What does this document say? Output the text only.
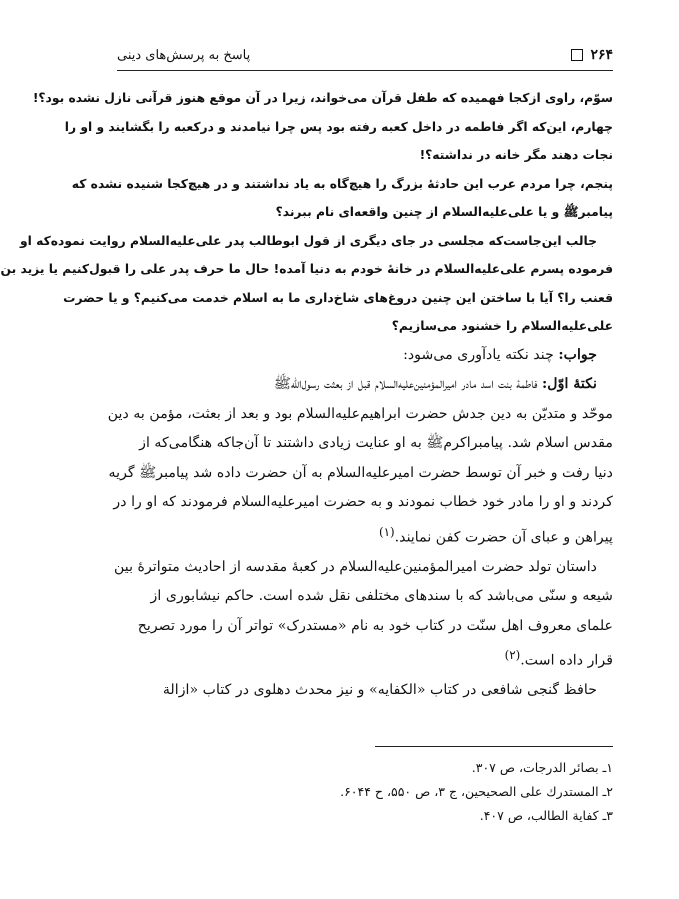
۲۶۴
پاسخ به پرسش‌های دینی

سوّم، راوی ازکجا فهمیده که طفل قرآن می‌خواند، زیرا در آن موقع هنوز قرآنی نازل نشده بود؟!

چهارم، این‌که اگر فاطمه در داخل کعبه رفته بود پس چرا نیامدند و درکعبه را بگشایند و او را

نجات دهند مگر خانه در نداشته؟!

پنجم، چرا مردم عرب این حادثهٔ بزرگ را هیچ‌گاه به یاد نداشتند و در هیچ‌کجا شنیده نشده که

پیامبرﷺ و یا علی‌علیه‌السلام از چنین واقعه‌ای نام ببرند؟

جالب این‌جاست‌که مجلسی در جای دیگری از قول ابوطالب پدر علی‌علیه‌السلام روایت نموده‌که او

فرموده پسرم علی‌علیه‌السلام در خانهٔ خودم به دنیا آمده! حال ما حرف پدر علی را قبول‌کنیم یا یزید بن

قعنب را؟ آیا با ساختن این چنین دروغ‌های شاخ‌داری ما به اسلام خدمت می‌کنیم؟ و یا حضرت

علی‌علیه‌السلام را خشنود می‌سازیم؟

جواب: چند نکته یادآوری می‌شود:

نکتهٔ اوّل: فاطمهٔ بنت اسد مادر امیرالمؤمنین‌علیه‌السلام قبل از بعثت رسول‌اللّه‌ﷺ

موحّد و متدیّن به دین جدش حضرت ابراهیم‌علیه‌السلام بود و بعد از بعثت، مؤمن به دین

مقدس اسلام شد. پیامبراکرم‌ﷺ به او عنایت زیادی داشتند تا آن‌جاکه هنگامی‌که از

دنیا رفت و خبر آن توسط حضرت امیرعلیه‌السلام به آن حضرت داده شد پیامبرﷺ گریه

کردند و او را مادر خود خطاب نمودند و به حضرت امیرعلیه‌السلام فرمودند که او را در

پیراهن و عبای آن حضرت کفن نمایند.$^{(۱)}$

داستان تولد حضرت امیرالمؤمنین‌علیه‌السلام در کعبهٔ مقدسه از احادیث متواترهٔ بین

شیعه و سنّی می‌باشد که با سندهای مختلفی نقل شده است. حاکم نیشابوری از

علمای معروف اهل سنّت در کتاب خود به نام «مستدرک» تواتر آن را مورد تصریح

قرار داده است.$^{(۲)}$

حافظ گنجی شافعی در کتاب «الکفایه» و نیز محدث دهلوی در کتاب «ازالة

۱ـ بصائر الدرجات، ص ۳۰۷.

۲ـ المستدرك على الصحيحين، ج ۳، ص ۵۵۰، ح ۶۰۴۴.

۳ـ كفاية الطالب، ص ۴۰۷.
